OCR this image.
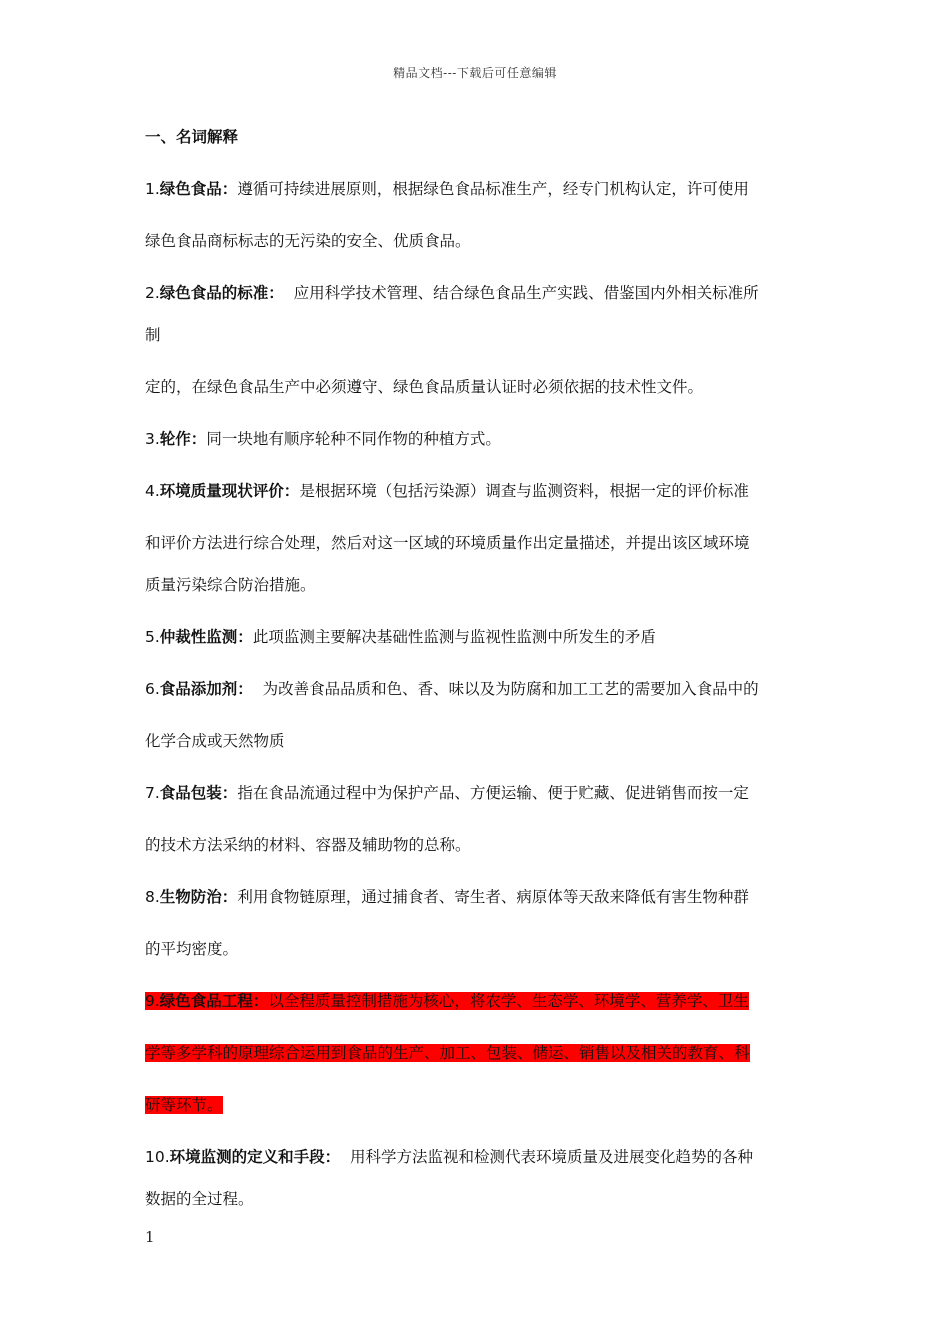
精品文档---下载后可任意编辑
一、名词解释

1.绿色食品：遵循可持续进展原则，根据绿色食品标准生产，经专门机构认定，许可使用

绿色食品商标标志的无污染的安全、优质食品。

2.绿色食品的标准：  应用科学技术管理、结合绿色食品生产实践、借鉴国内外相关标准所

制

定的，在绿色食品生产中必须遵守、绿色食品质量认证时必须依据的技术性文件。

3.轮作：同一块地有顺序轮种不同作物的种植方式。

4.环境质量现状评价：是根据环境（包括污染源）调查与监测资料，根据一定的评价标准

和评价方法进行综合处理，然后对这一区域的环境质量作出定量描述，并提出该区域环境

质量污染综合防治措施。

5.仲裁性监测：此项监测主要解决基础性监测与监视性监测中所发生的矛盾

6.食品添加剂：  为改善食品品质和色、香、味以及为防腐和加工工艺的需要加入食品中的

化学合成或天然物质

7.食品包装：指在食品流通过程中为保护产品、方便运输、便于贮藏、促进销售而按一定

的技术方法采纳的材料、容器及辅助物的总称。

8.生物防治：利用食物链原理，通过捕食者、寄生者、病原体等天敌来降低有害生物种群

的平均密度。

9.绿色食品工程：以全程质量控制措施为核心，将农学、生态学、环境学、营养学、卫生

学等多学科的原理综合运用到食品的生产、加工、包装、储运、销售以及相关的教育、科

研等环节。

10.环境监测的定义和手段：  用科学方法监视和检测代表环境质量及进展变化趋势的各种

数据的全过程。

1
